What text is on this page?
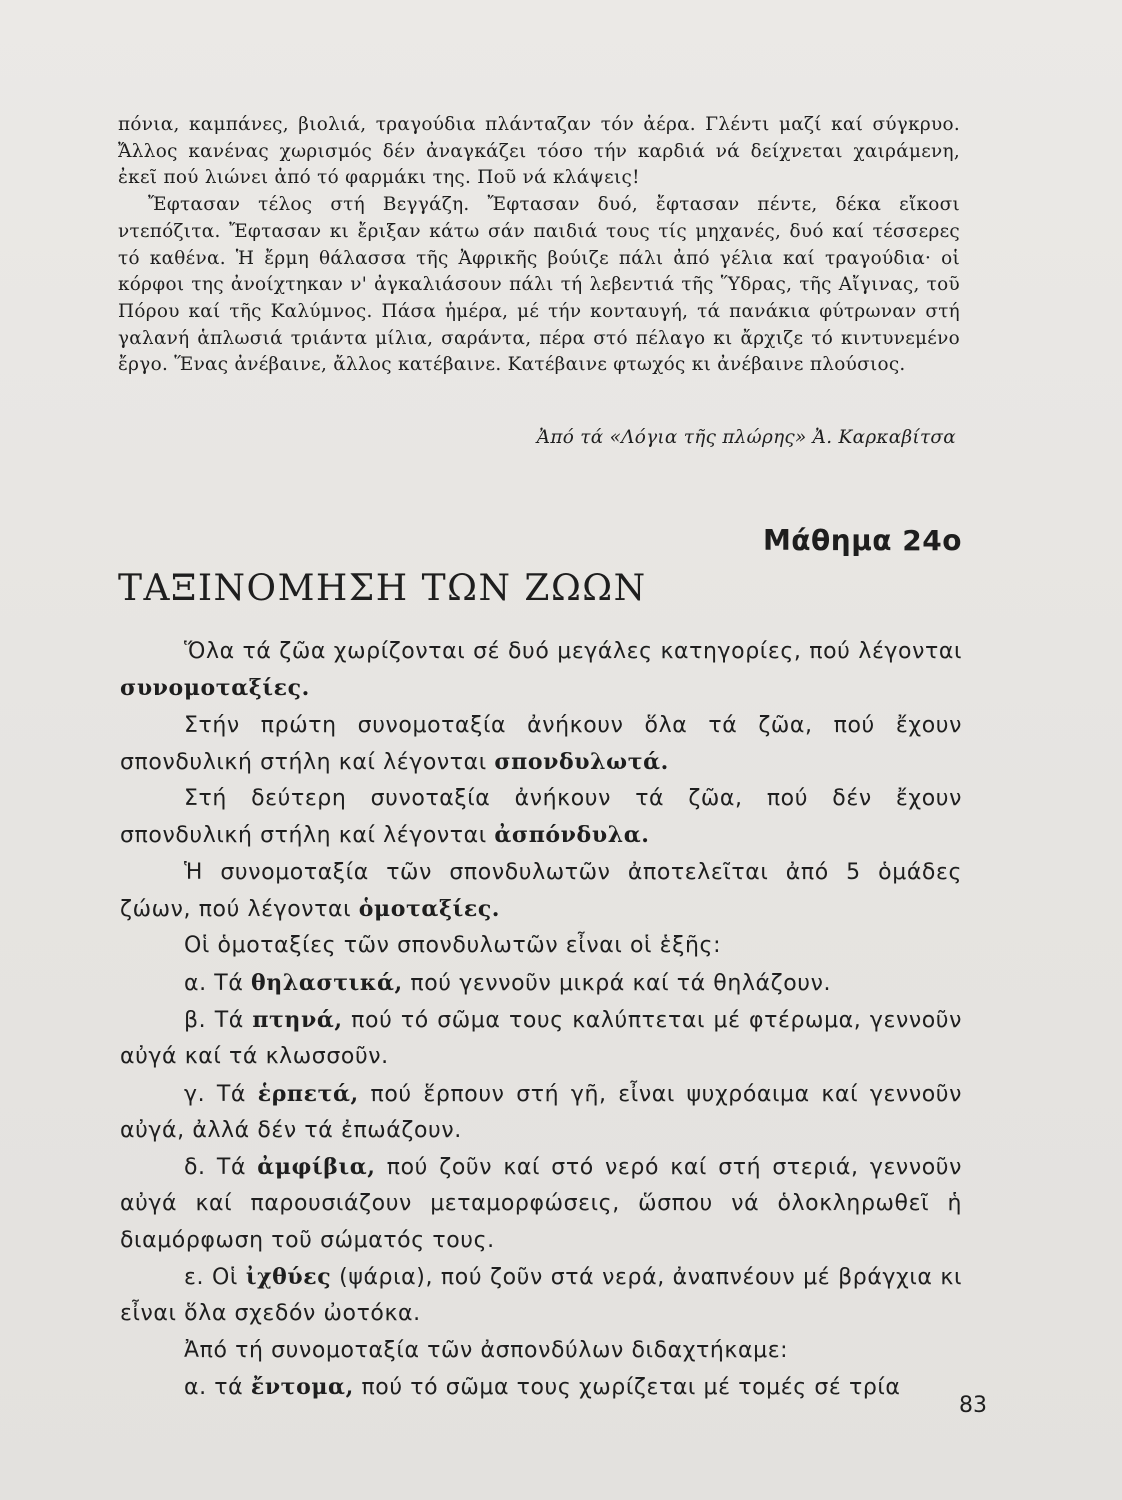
πόνια, καμπάνες, βιολιά, τραγούδια πλάνταζαν τόν ἀέρα. Γλέντι μαζί καί σύγκρυο. Ἄλλος κανένας χωρισμός δέν ἀναγκάζει τόσο τήν καρδιά νά δείχνεται χαιράμενη, ἐκεῖ πού λιώνει ἀπό τό φαρμάκι της. Ποῦ νά κλάψεις!

Ἔφτασαν τέλος στή Βεγγάζη. Ἔφτασαν δυό, ἔφτασαν πέντε, δέκα εἴκοσι ντεπόζιτα. Ἔφτασαν κι ἔριξαν κάτω σάν παιδιά τους τίς μηχανές, δυό καί τέσσερες τό καθένα. Ἡ ἔρμη θάλασσα τῆς Ἀφρικῆς βούιζε πάλι ἀπό γέλια καί τραγούδια· οἱ κόρφοι της ἀνοίχτηκαν ν' ἀγκαλιάσουν πάλι τή λεβεντιά τῆς Ὕδρας, τῆς Αἴγινας, τοῦ Πόρου καί τῆς Καλύμνος. Πάσα ἡμέρα, μέ τήν κονταυγή, τά πανάκια φύτρωναν στή γαλανή ἁπλωσιά τριάντα μίλια, σαράντα, πέρα στό πέλαγο κι ἄρχιζε τό κιντυνεμένο ἔργο. Ἕνας ἀνέβαινε, ἄλλος κατέβαινε. Κατέβαινε φτωχός κι ἀνέβαινε πλούσιος.

Ἀπό τά «Λόγια τῆς πλώρης» Ἀ. Καρκαβίτσα
Μάθημα 24ο
ΤΑΞΙΝΟΜΗΣΗ ΤΩΝ ΖΩΩΝ

Ὅλα τά ζῶα χωρίζονται σέ δυό μεγάλες κατηγορίες, πού λέγονται συνομοταξίες.

Στήν πρώτη συνομοταξία ἀνήκουν ὅλα τά ζῶα, πού ἔχουν σπονδυλική στήλη καί λέγονται σπονδυλωτά.

Στή δεύτερη συνοταξία ἀνήκουν τά ζῶα, πού δέν ἔχουν σπονδυλική στήλη καί λέγονται ἀσπόνδυλα.

Ἡ συνομοταξία τῶν σπονδυλωτῶν ἀποτελεῖται ἀπό 5 ὁμάδες ζώων, πού λέγονται ὁμοταξίες.

Οἱ ὁμοταξίες τῶν σπονδυλωτῶν εἶναι οἱ ἑξῆς:

α. Τά θηλαστικά, πού γεννοῦν μικρά καί τά θηλάζουν.

β. Τά πτηνά, πού τό σῶμα τους καλύπτεται μέ φτέρωμα, γεννοῦν αὐγά καί τά κλωσσοῦν.

γ. Τά ἑρπετά, πού ἕρπουν στή γῆ, εἶναι ψυχρόαιμα καί γεννοῦν αὐγά, ἀλλά δέν τά ἐπωάζουν.

δ. Τά ἀμφίβια, πού ζοῦν καί στό νερό καί στή στεριά, γεννοῦν αὐγά καί παρουσιάζουν μεταμορφώσεις, ὥσπου νά ὁλοκληρωθεῖ ἡ διαμόρφωση τοῦ σώματός τους.

ε. Οἱ ἰχθύες (ψάρια), πού ζοῦν στά νερά, ἀναπνέουν μέ βράγχια κι εἶναι ὅλα σχεδόν ὠοτόκα.

Ἀπό τή συνομοταξία τῶν ἀσπονδύλων διδαχτήκαμε:

α. τά ἔντομα, πού τό σῶμα τους χωρίζεται μέ τομές σέ τρία

83
